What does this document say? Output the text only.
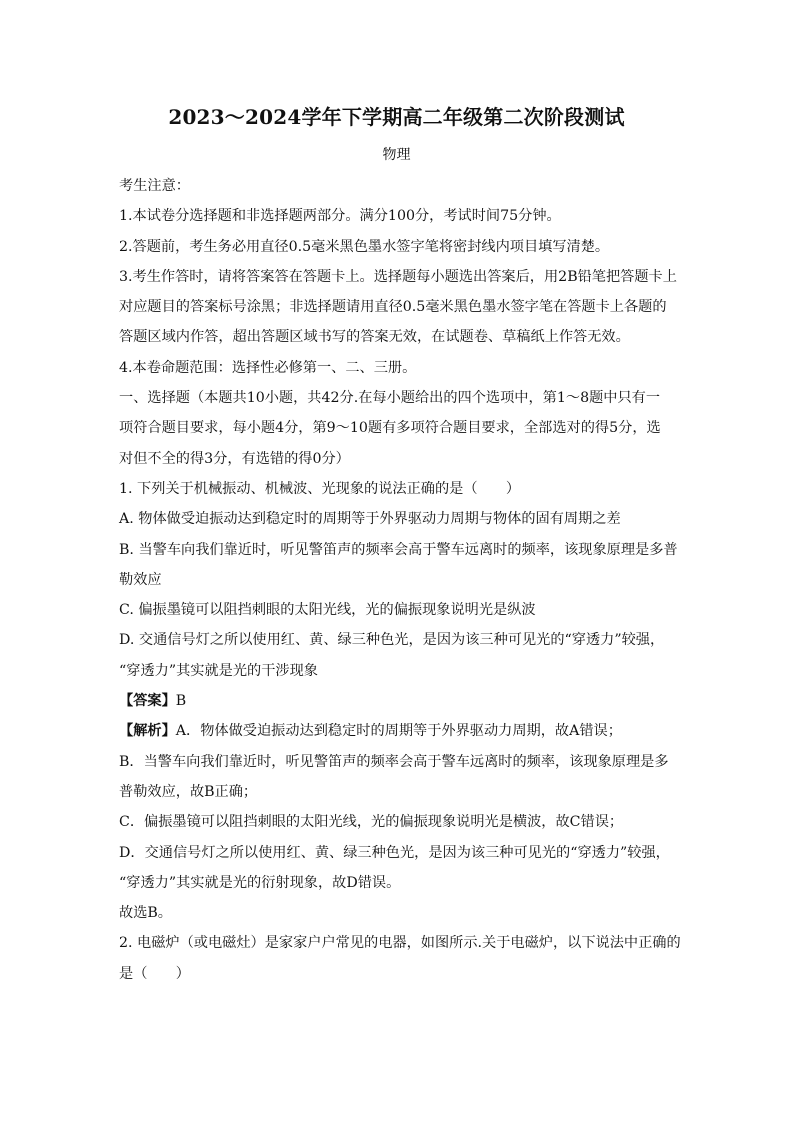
2023～2024学年下学期高二年级第二次阶段测试
物理
考生注意：
1.本试卷分选择题和非选择题两部分。满分100分，考试时间75分钟。
2.答题前，考生务必用直径0.5毫米黑色墨水签字笔将密封线内项目填写清楚。
3.考生作答时，请将答案答在答题卡上。选择题每小题选出答案后，用2B铅笔把答题卡上
对应题目的答案标号涂黑；非选择题请用直径0.5毫米黑色墨水签字笔在答题卡上各题的
答题区域内作答，超出答题区域书写的答案无效，在试题卷、草稿纸上作答无效。
4.本卷命题范围：选择性必修第一、二、三册。
一、选择题（本题共10小题，共42分.在每小题给出的四个选项中，第1～8题中只有一
项符合题目要求，每小题4分，第9～10题有多项符合题目要求，全部选对的得5分，选
对但不全的得3分，有选错的得0分）
1. 下列关于机械振动、机械波、光现象的说法正确的是（　　）
A. 物体做受迫振动达到稳定时的周期等于外界驱动力周期与物体的固有周期之差
B. 当警车向我们靠近时，听见警笛声的频率会高于警车远离时的频率，该现象原理是多普
勒效应
C. 偏振墨镜可以阻挡刺眼的太阳光线，光的偏振现象说明光是纵波
D. 交通信号灯之所以使用红、黄、绿三种色光，是因为该三种可见光的“穿透力”较强，
“穿透力”其实就是光的干涉现象
【答案】B
【解析】A．物体做受迫振动达到稳定时的周期等于外界驱动力周期，故A错误；
B．当警车向我们靠近时，听见警笛声的频率会高于警车远离时的频率，该现象原理是多
普勒效应，故B正确；
C．偏振墨镜可以阻挡刺眼的太阳光线，光的偏振现象说明光是横波，故C错误；
D．交通信号灯之所以使用红、黄、绿三种色光，是因为该三种可见光的“穿透力”较强，
“穿透力”其实就是光的衍射现象，故D错误。
故选B。
2. 电磁炉（或电磁灶）是家家户户常见的电器，如图所示.关于电磁炉，以下说法中正确的
是（　　）
